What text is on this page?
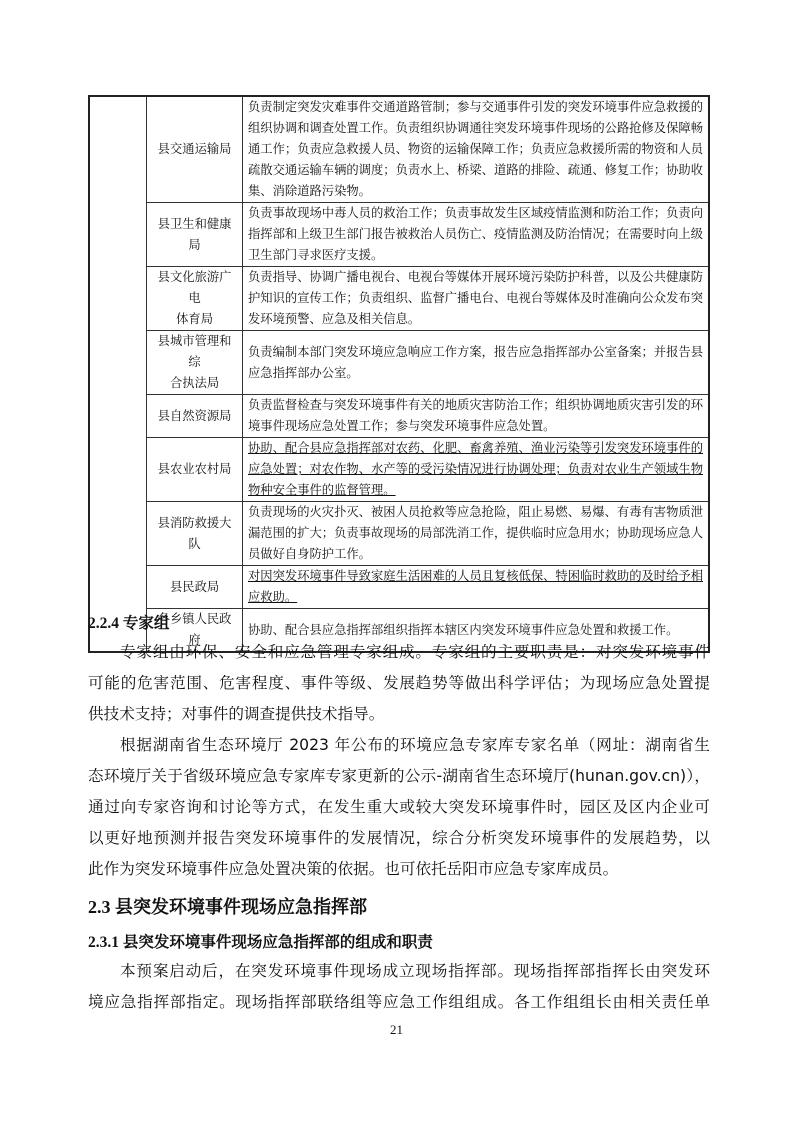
	县交通运输局	负责制定突发灾难事件交通道路管制；参与交通事件引发的突发环境事件应急救援的
组织协调和调查处置工作。负责组织协调通往突发环境事件现场的公路抢修及保障畅
通工作；负责应急救援人员、物资的运输保障工作；负责应急救援所需的物资和人员
疏散交通运输车辆的调度；负责水上、桥梁、道路的排险、疏通、修复工作；协助收
集、消除道路污染物。

	县卫生和健康局	负责事故现场中毒人员的救治工作；负责事故发生区域疫情监测和防治工作；负责向
指挥部和上级卫生部门报告被救治人员伤亡、疫情监测及防治情况；在需要时向上级
卫生部门寻求医疗支援。

	县文化旅游广电
体育局	负责指导、协调广播电视台、电视台等媒体开展环境污染防护科普，以及公共健康防
护知识的宣传工作；负责组织、监督广播电台、电视台等媒体及时准确向公众发布突
发环境预警、应急及相关信息。

	县城市管理和综
合执法局	负责编制本部门突发环境应急响应工作方案，报告应急指挥部办公室备案；并报告县
应急指挥部办公室。

	县自然资源局	负责监督检查与突发环境事件有关的地质灾害防治工作；组织协调地质灾害引发的环
境事件现场应急处置工作；参与突发环境事件应急处置。

	县农业农村局	协助、配合县应急指挥部对农药、化肥、畜禽养殖、渔业污染等引发突发环境事件的
应急处置；对农作物、水产等的受污染情况进行协调处理；负责对农业生产领域生物
物种安全事件的监督管理。

	县消防救援大队	负责现场的火灾扑灭、被困人员抢救等应急抢险，阻止易燃、易爆、有毒有害物质泄
漏范围的扩大；负责事故现场的局部洗消工作，提供临时应急用水；协助现场应急人
员做好自身防护工作。

	县民政局	对因突发环境事件导致家庭生活困难的人员且复核低保、特困临时救助的及时给予相
应救助。

	各乡镇人民政府	协助、配合县应急指挥部组织指挥本辖区内突发环境事件应急处置和救援工作。
2.2.4 专家组
专家组由环保、安全和应急管理专家组成。专家组的主要职责是：对突发环境事件
可能的危害范围、危害程度、事件等级、发展趋势等做出科学评估；为现场应急处置提
供技术支持；对事件的调查提供技术指导。
根据湖南省生态环境厅 2023 年公布的环境应急专家库专家名单（网址：湖南省生
态环境厅关于省级环境应急专家库专家更新的公示-湖南省生态环境厅(hunan.gov.cn)），
通过向专家咨询和讨论等方式，在发生重大或较大突发环境事件时，园区及区内企业可
以更好地预测并报告突发环境事件的发展情况，综合分析突发环境事件的发展趋势，以
此作为突发环境事件应急处置决策的依据。也可依托岳阳市应急专家库成员。
2.3 县突发环境事件现场应急指挥部
2.3.1 县突发环境事件现场应急指挥部的组成和职责
本预案启动后，在突发环境事件现场成立现场指挥部。现场指挥部指挥长由突发环
境应急指挥部指定。现场指挥部联络组等应急工作组组成。各工作组组长由相关责任单
21
